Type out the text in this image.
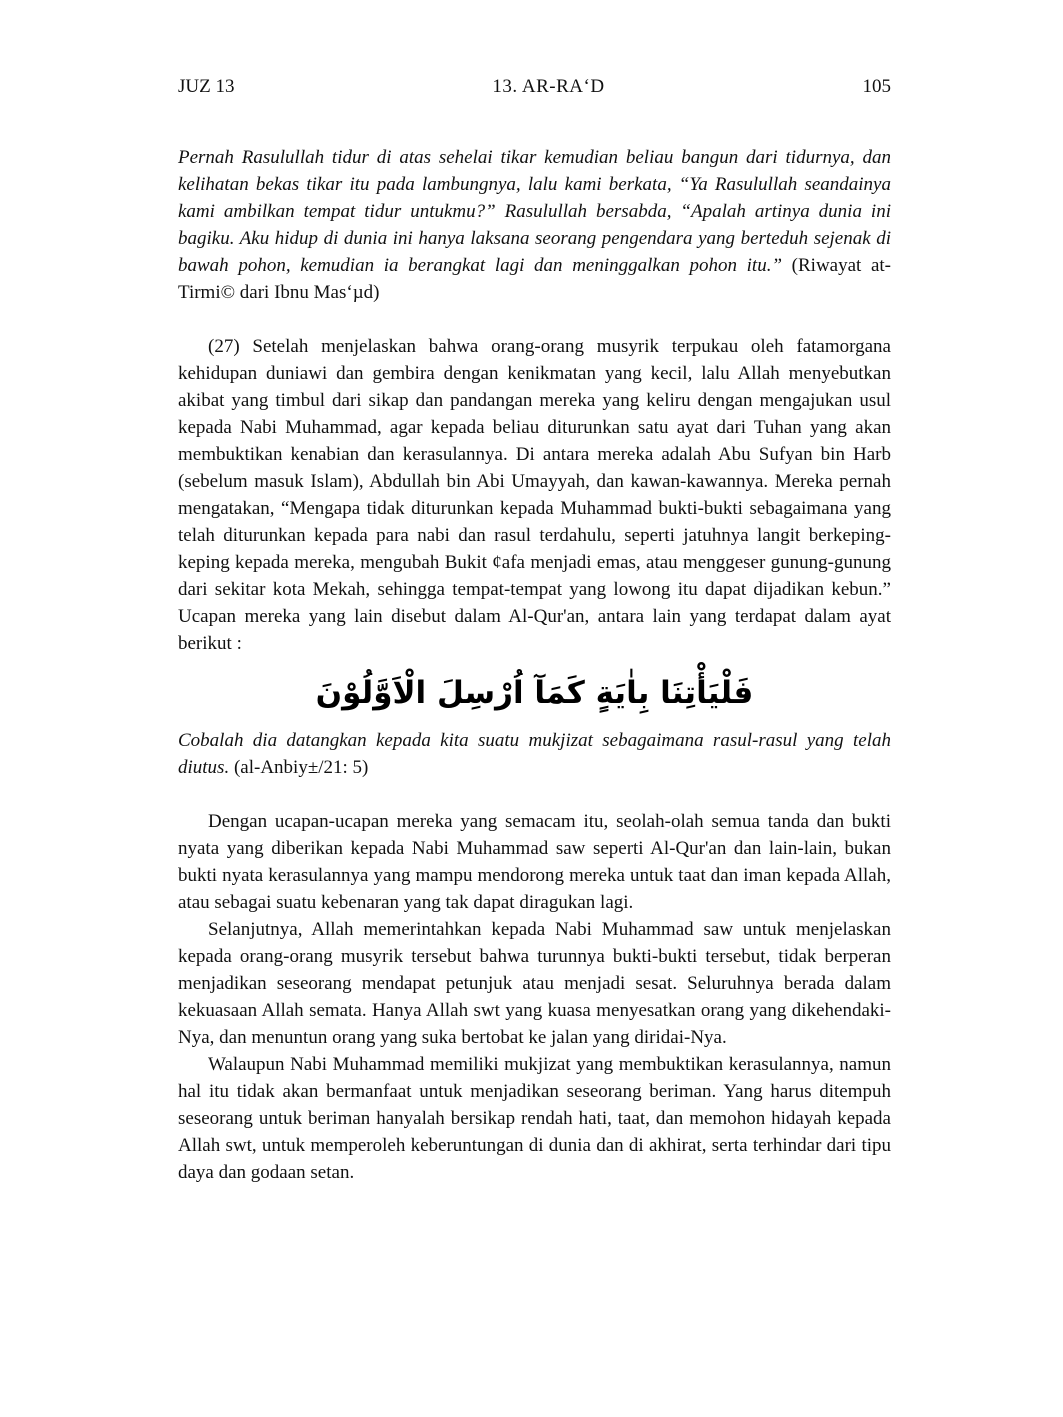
JUZ 13	13. AR-RA‘D	105

Pernah Rasulullah tidur di atas sehelai tikar kemudian beliau bangun dari tidurnya, dan kelihatan bekas tikar itu pada lambungnya, lalu kami berkata, “Ya Rasulullah seandainya kami ambilkan tempat tidur untukmu?” Rasulullah bersabda, “Apalah artinya dunia ini bagiku. Aku hidup di dunia ini hanya laksana seorang pengendara yang berteduh sejenak di bawah pohon, kemudian ia berangkat lagi dan meninggalkan pohon itu.” (Riwayat at-Tirmi© dari Ibnu Mas‘µd)

(27) Setelah menjelaskan bahwa orang-orang musyrik terpukau oleh fatamorgana kehidupan duniawi dan gembira dengan kenikmatan yang kecil, lalu Allah menyebutkan akibat yang timbul dari sikap dan pandangan mereka yang keliru dengan mengajukan usul kepada Nabi Muhammad, agar kepada beliau diturunkan satu ayat dari Tuhan yang akan membuktikan kenabian dan kerasulannya. Di antara mereka adalah Abu Sufyan bin Harb (sebelum masuk Islam), Abdullah bin Abi Umayyah, dan kawan-kawannya. Mereka pernah mengatakan, “Mengapa tidak diturunkan kepada Muhammad bukti-bukti sebagaimana yang telah diturunkan kepada para nabi dan rasul terdahulu, seperti jatuhnya langit berkeping-keping kepada mereka, mengubah Bukit ¢afa menjadi emas, atau menggeser gunung-gunung dari sekitar kota Mekah, sehingga tempat-tempat yang lowong itu dapat dijadikan kebun.” Ucapan mereka yang lain disebut dalam Al-Qur'an, antara lain yang terdapat dalam ayat berikut :

فَلْيَأْتِنَا بِاٰيَةٍ كَمَآ اُرْسِلَ الْاَوَّلُوْنَ

Cobalah dia datangkan kepada kita suatu mukjizat sebagaimana rasul-rasul yang telah diutus. (al-Anbiy±/21: 5)

Dengan ucapan-ucapan mereka yang semacam itu, seolah-olah semua tanda dan bukti nyata yang diberikan kepada Nabi Muhammad saw seperti Al-Qur'an dan lain-lain, bukan bukti nyata kerasulannya yang mampu mendorong mereka untuk taat dan iman kepada Allah, atau sebagai suatu kebenaran yang tak dapat diragukan lagi.

Selanjutnya, Allah memerintahkan kepada Nabi Muhammad saw untuk menjelaskan kepada orang-orang musyrik tersebut bahwa turunnya bukti-bukti tersebut, tidak berperan menjadikan seseorang mendapat petunjuk atau menjadi sesat. Seluruhnya berada dalam kekuasaan Allah semata. Hanya Allah swt yang kuasa menyesatkan orang yang dikehendaki-Nya, dan menuntun orang yang suka bertobat ke jalan yang diridai-Nya.

Walaupun Nabi Muhammad memiliki mukjizat yang membuktikan kerasulannya, namun hal itu tidak akan bermanfaat untuk menjadikan seseorang beriman. Yang harus ditempuh seseorang untuk beriman hanyalah bersikap rendah hati, taat, dan memohon hidayah kepada Allah swt, untuk memperoleh keberuntungan di dunia dan di akhirat, serta terhindar dari tipu daya dan godaan setan.
